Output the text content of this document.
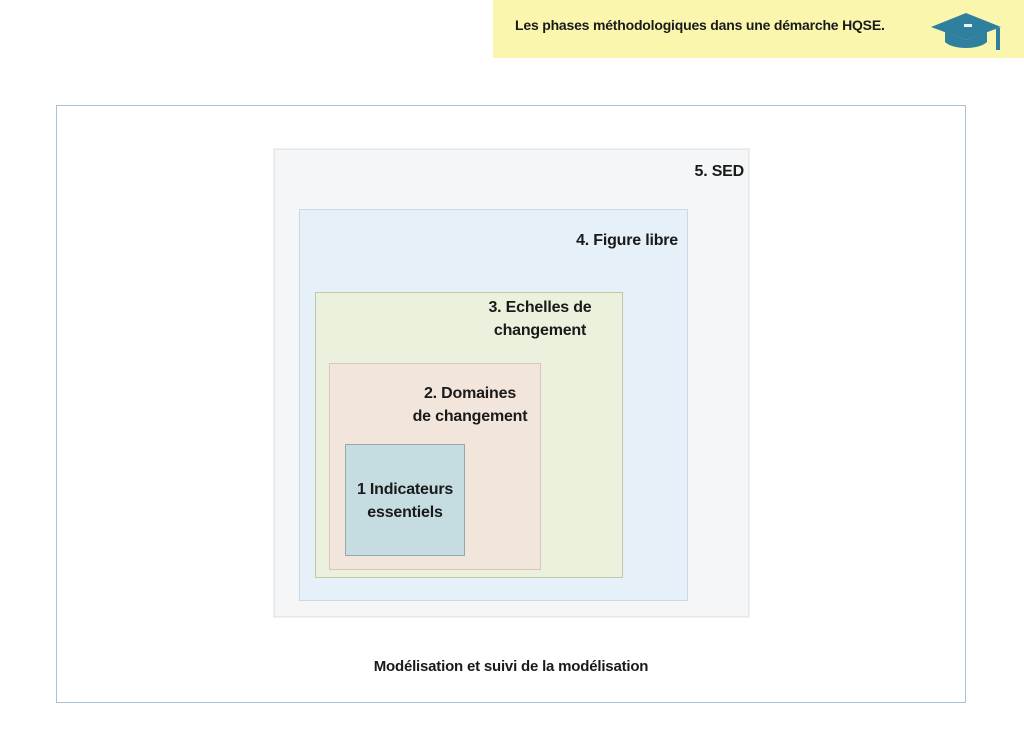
Les phases méthodologiques dans une démarche HQSE.
5. SED
4. Figure libre
3. Echelles de
changement
2. Domaines
de changement
1 Indicateurs
essentiels
Modélisation et suivi de la modélisation
